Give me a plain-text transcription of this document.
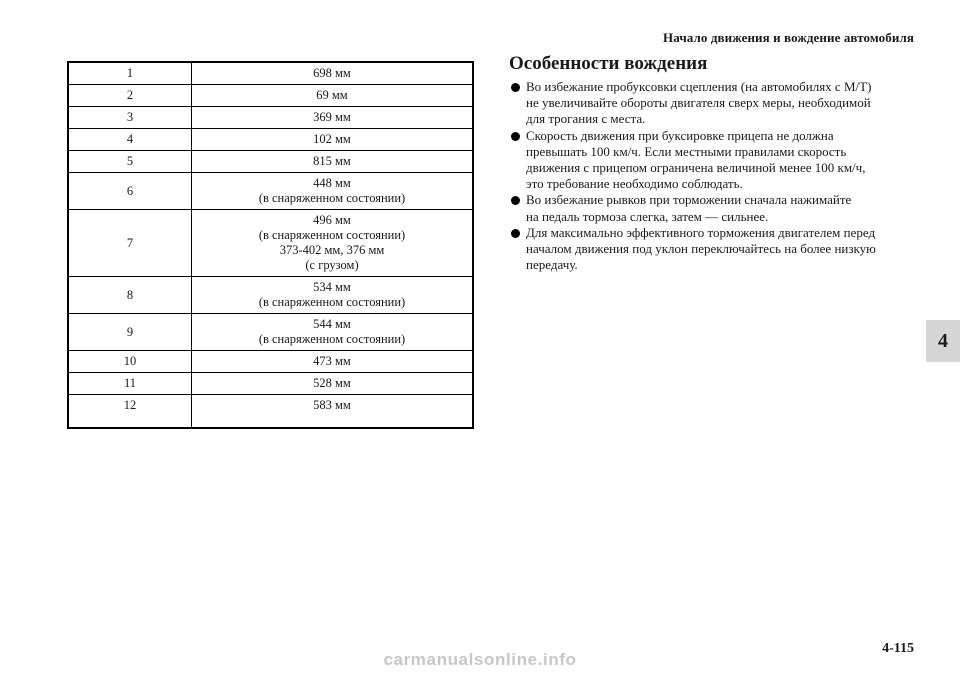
Начало движения и вождение автомобиля
1	698 мм

2	69 мм

3	369 мм

4	102 мм

5	815 мм

6	448 мм
(в снаряженном состоянии)

7	496 мм
(в снаряженном состоянии)
373-402 мм, 376 мм
(с грузом)

8	534 мм
(в снаряженном состоянии)

9	544 мм
(в снаряженном состоянии)

10	473 мм

11	528 мм

12	583 мм
Особенности вождения
Во избежание пробуксовки сцепления (на автомобилях с M/T)
не увеличивайте обороты двигателя сверх меры, необходимой
для трогания с места.
Скорость движения при буксировке прицепа не должна
превышать 100 км/ч. Если местными правилами скорость
движения с прицепом ограничена величиной менее 100 км/ч,
это требование необходимо соблюдать.
Во избежание рывков при торможении сначала нажимайте
на педаль тормоза слегка, затем — сильнее.
Для максимально эффективного торможения двигателем перед
началом движения под уклон переключайтесь на более низкую
передачу.
4
4-115
carmanualsonline.info
